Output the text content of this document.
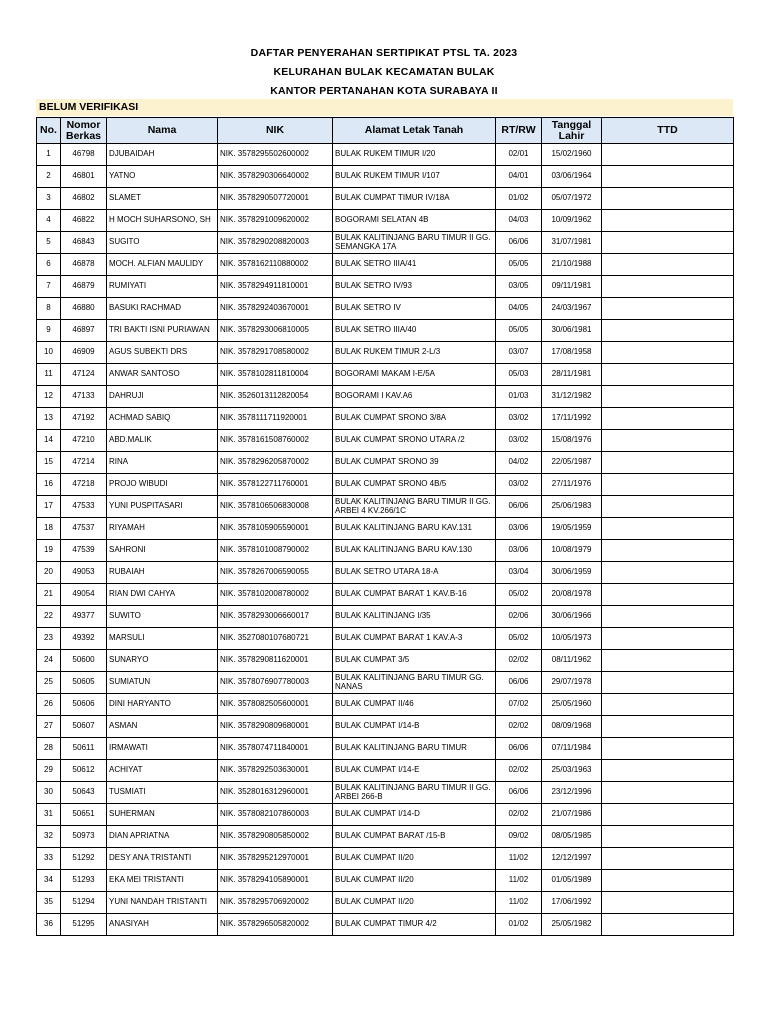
DAFTAR PENYERAHAN SERTIPIKAT PTSL TA. 2023
KELURAHAN BULAK KECAMATAN BULAK
KANTOR PERTANAHAN KOTA SURABAYA II
BELUM VERIFIKASI
No.	Nomor Berkas	Nama	NIK	Alamat Letak Tanah	RT/RW	Tanggal Lahir	TTD
1	46798	DJUBAIDAH	NIK. 3578295502600002	BULAK RUKEM TIMUR I/20	02/01	15/02/1960	
2	46801	YATNO	NIK. 3578290306640002	BULAK RUKEM TIMUR I/107	04/01	03/06/1964	
3	46802	SLAMET	NIK. 3578290507720001	BULAK CUMPAT TIMUR IV/18A	01/02	05/07/1972	
4	46822	H MOCH SUHARSONO, SH	NIK. 3578291009620002	BOGORAMI SELATAN 4B	04/03	10/09/1962	
5	46843	SUGITO	NIK. 3578290208820003	BULAK KALITINJANG BARU TIMUR II GG. SEMANGKA 17A	06/06	31/07/1981	
6	46878	MOCH. ALFIAN MAULIDY	NIK. 3578162110880002	BULAK SETRO IIIA/41	05/05	21/10/1988	
7	46879	RUMIYATI	NIK. 3578294911810001	BULAK SETRO IV/93	03/05	09/11/1981	
8	46880	BASUKI RACHMAD	NIK. 3578292403670001	BULAK SETRO IV	04/05	24/03/1967	
9	46897	TRI BAKTI ISNI PURIAWAN	NIK. 3578293006810005	BULAK SETRO IIIA/40	05/05	30/06/1981	
10	46909	AGUS SUBEKTI DRS	NIK. 3578291708580002	BULAK RUKEM TIMUR 2-L/3	03/07	17/08/1958	
11	47124	ANWAR SANTOSO	NIK. 3578102811810004	BOGORAMI MAKAM I-E/5A	05/03	28/11/1981	
12	47133	DAHRUJI	NIK. 3526013112820054	BOGORAMI I KAV.A6	01/03	31/12/1982	
13	47192	ACHMAD SABIQ	NIK. 3578111711920001	BULAK CUMPAT SRONO 3/8A	03/02	17/11/1992	
14	47210	ABD.MALIK	NIK. 3578161508760002	BULAK CUMPAT SRONO UTARA /2	03/02	15/08/1976	
15	47214	RINA	NIK. 3578296205870002	BULAK CUMPAT SRONO 39	04/02	22/05/1987	
16	47218	PROJO WIBUDI	NIK. 3578122711760001	BULAK CUMPAT SRONO 4B/5	03/02	27/11/1976	
17	47533	YUNI PUSPITASARI	NIK. 3578106506830008	BULAK KALITINJANG BARU TIMUR II GG. ARBEI 4 KV.266/1C	06/06	25/06/1983	
18	47537	RIYAMAH	NIK. 3578105905590001	BULAK KALITINJANG BARU KAV.131	03/06	19/05/1959	
19	47539	SAHRONI	NIK. 3578101008790002	BULAK KALITINJANG BARU KAV.130	03/06	10/08/1979	
20	49053	RUBAIAH	NIK. 3578267006590055	BULAK SETRO UTARA 18-A	03/04	30/06/1959	
21	49054	RIAN DWI CAHYA	NIK. 3578102008780002	BULAK CUMPAT BARAT 1 KAV.B-16	05/02	20/08/1978	
22	49377	SUWITO	NIK. 3578293006660017	BULAK KALITINJANG I/35	02/06	30/06/1966	
23	49392	MARSULI	NIK. 3527080107680721	BULAK CUMPAT BARAT 1 KAV.A-3	05/02	10/05/1973	
24	50600	SUNARYO	NIK. 3578290811620001	BULAK CUMPAT 3/5	02/02	08/11/1962	
25	50605	SUMIATUN	NIK. 3578076907780003	BULAK KALITINJANG BARU TIMUR GG. NANAS	06/06	29/07/1978	
26	50606	DINI HARYANTO	NIK. 3578082505600001	BULAK CUMPAT II/46	07/02	25/05/1960	
27	50607	ASMAN	NIK. 3578290809680001	BULAK CUMPAT I/14-B	02/02	08/09/1968	
28	50611	IRMAWATI	NIK. 3578074711840001	BULAK KALITINJANG BARU TIMUR	06/06	07/11/1984	
29	50612	ACHIYAT	NIK. 3578292503630001	BULAK CUMPAT I/14-E	02/02	25/03/1963	
30	50643	TUSMIATI	NIK. 3528016312960001	BULAK KALITINJANG BARU TIMUR II GG. ARBEI 266-B	06/06	23/12/1996	
31	50651	SUHERMAN	NIK. 3578082107860003	BULAK CUMPAT I/14-D	02/02	21/07/1986	
32	50973	DIAN APRIATNA	NIK. 3578290805850002	BULAK CUMPAT BARAT /15-B	09/02	08/05/1985	
33	51292	DESY ANA TRISTANTI	NIK. 3578295212970001	BULAK CUMPAT II/20	11/02	12/12/1997	
34	51293	EKA MEI TRISTANTI	NIK. 3578294105890001	BULAK CUMPAT II/20	11/02	01/05/1989	
35	51294	YUNI NANDAH TRISTANTI	NIK. 3578295706920002	BULAK CUMPAT II/20	11/02	17/06/1992	
36	51295	ANASIYAH	NIK. 3578296505820002	BULAK CUMPAT TIMUR 4/2	01/02	25/05/1982	
